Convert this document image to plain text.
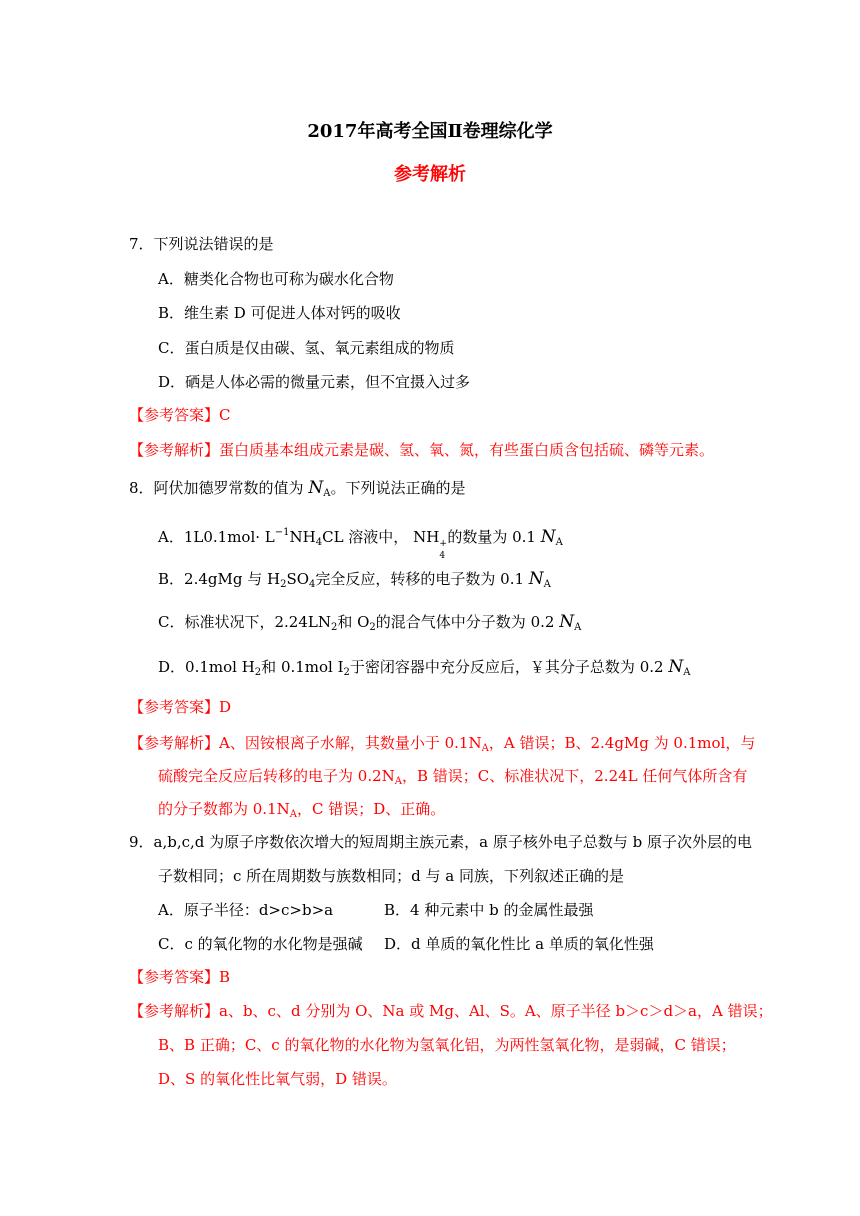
2017年高考全国Ⅱ卷理综化学
参考解析
7．下列说法错误的是
A．糖类化合物也可称为碳水化合物
B．维生素 D 可促进人体对钙的吸收
C．蛋白质是仅由碳、氢、氧元素组成的物质
D．硒是人体必需的微量元素，但不宜摄入过多
【参考答案】C
【参考解析】蛋白质基本组成元素是碳、氢、氧、氮，有些蛋白质含包括硫、磷等元素。
8．阿伏加德罗常数的值为 $N_A$。下列说法正确的是
A．$1L0.1mol\cdot L^{-1}NH_4CL$ 溶液中， NH +
4
的数量为 0.1 $N_A$
B．2.4gMg 与 $H_2SO_4$完全反应，转移的电子数为 0.1 $N_A$
C．标准状况下，$2.24LN_2$和 $O_2$的混合气体中分子数为 0.2 $N_A$
D．0.1mol $H_2$和 0.1mol $I_2$于密闭容器中充分反应后，￥其分子总数为 0.2 $N_A$
【参考答案】D
【参考解析】A、因铵根离子水解，其数量小于 $0.1N_A$，A 错误；B、2.4gMg 为 0.1mol，与
硫酸完全反应后转移的电子为 $0.2N_A$，B 错误；C、标准状况下，2.24L 任何气体所含有
的分子数都为 $0.1N_A$，C 错误；D、正确。
9．a,b,c,d 为原子序数依次增大的短周期主族元素，a 原子核外电子总数与 b 原子次外层的电
子数相同；c 所在周期数与族数相同；d 与 a 同族，下列叙述正确的是
A．原子半径：d>c>b>a	B．4 种元素中 b 的金属性最强
C．c 的氧化物的水化物是强碱 D．d 单质的氧化性比 a 单质的氧化性强
【参考答案】B
【参考解析】a、b、c、d 分别为 O、Na 或 Mg、Al、S。A、原子半径 b＞c＞d＞a，A 错误；
B、B 正确；C、c 的氧化物的水化物为氢氧化铝，为两性氢氧化物，是弱碱，C 错误；
D、S 的氧化性比氧气弱，D 错误。
